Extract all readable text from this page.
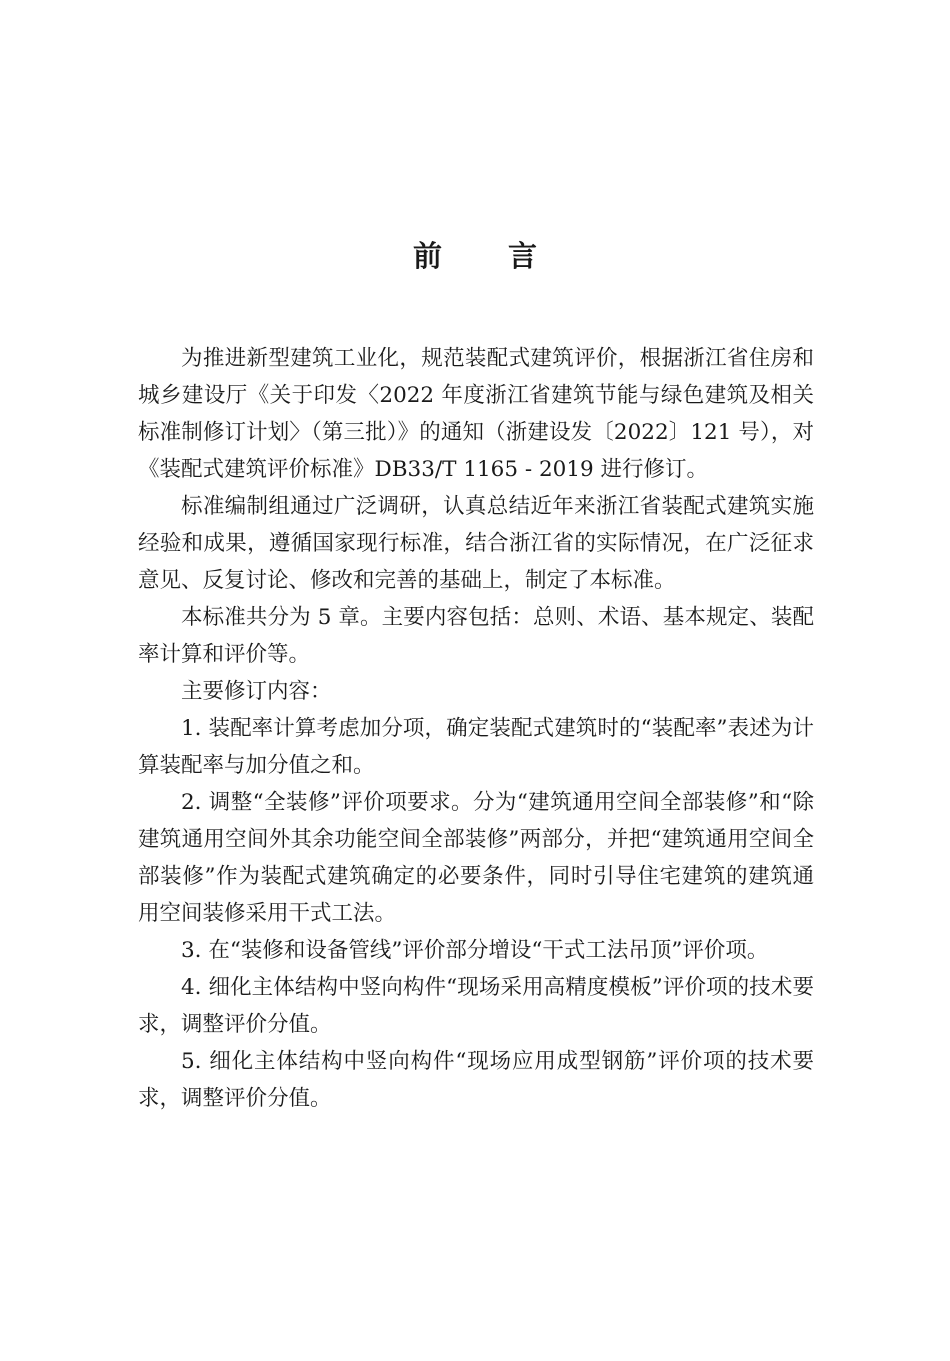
前 言

为推进新型建筑工业化，规范装配式建筑评价，根据浙江省住房和城乡建设厅《关于印发〈2022 年度浙江省建筑节能与绿色建筑及相关标准制修订计划〉（第三批）》的通知（浙建设发〔2022〕121 号），对《装配式建筑评价标准》DB33/T 1165 - 2019 进行修订。

标准编制组通过广泛调研，认真总结近年来浙江省装配式建筑实施经验和成果，遵循国家现行标准，结合浙江省的实际情况，在广泛征求意见、反复讨论、修改和完善的基础上，制定了本标准。

本标准共分为 5 章。主要内容包括：总则、术语、基本规定、装配率计算和评价等。

主要修订内容：

1. 装配率计算考虑加分项，确定装配式建筑时的“装配率”表述为计算装配率与加分值之和。

2. 调整“全装修”评价项要求。分为“建筑通用空间全部装修”和“除建筑通用空间外其余功能空间全部装修”两部分，并把“建筑通用空间全部装修”作为装配式建筑确定的必要条件，同时引导住宅建筑的建筑通用空间装修采用干式工法。

3. 在“装修和设备管线”评价部分增设“干式工法吊顶”评价项。

4. 细化主体结构中竖向构件“现场采用高精度模板”评价项的技术要求，调整评价分值。

5. 细化主体结构中竖向构件“现场应用成型钢筋”评价项的技术要求，调整评价分值。
